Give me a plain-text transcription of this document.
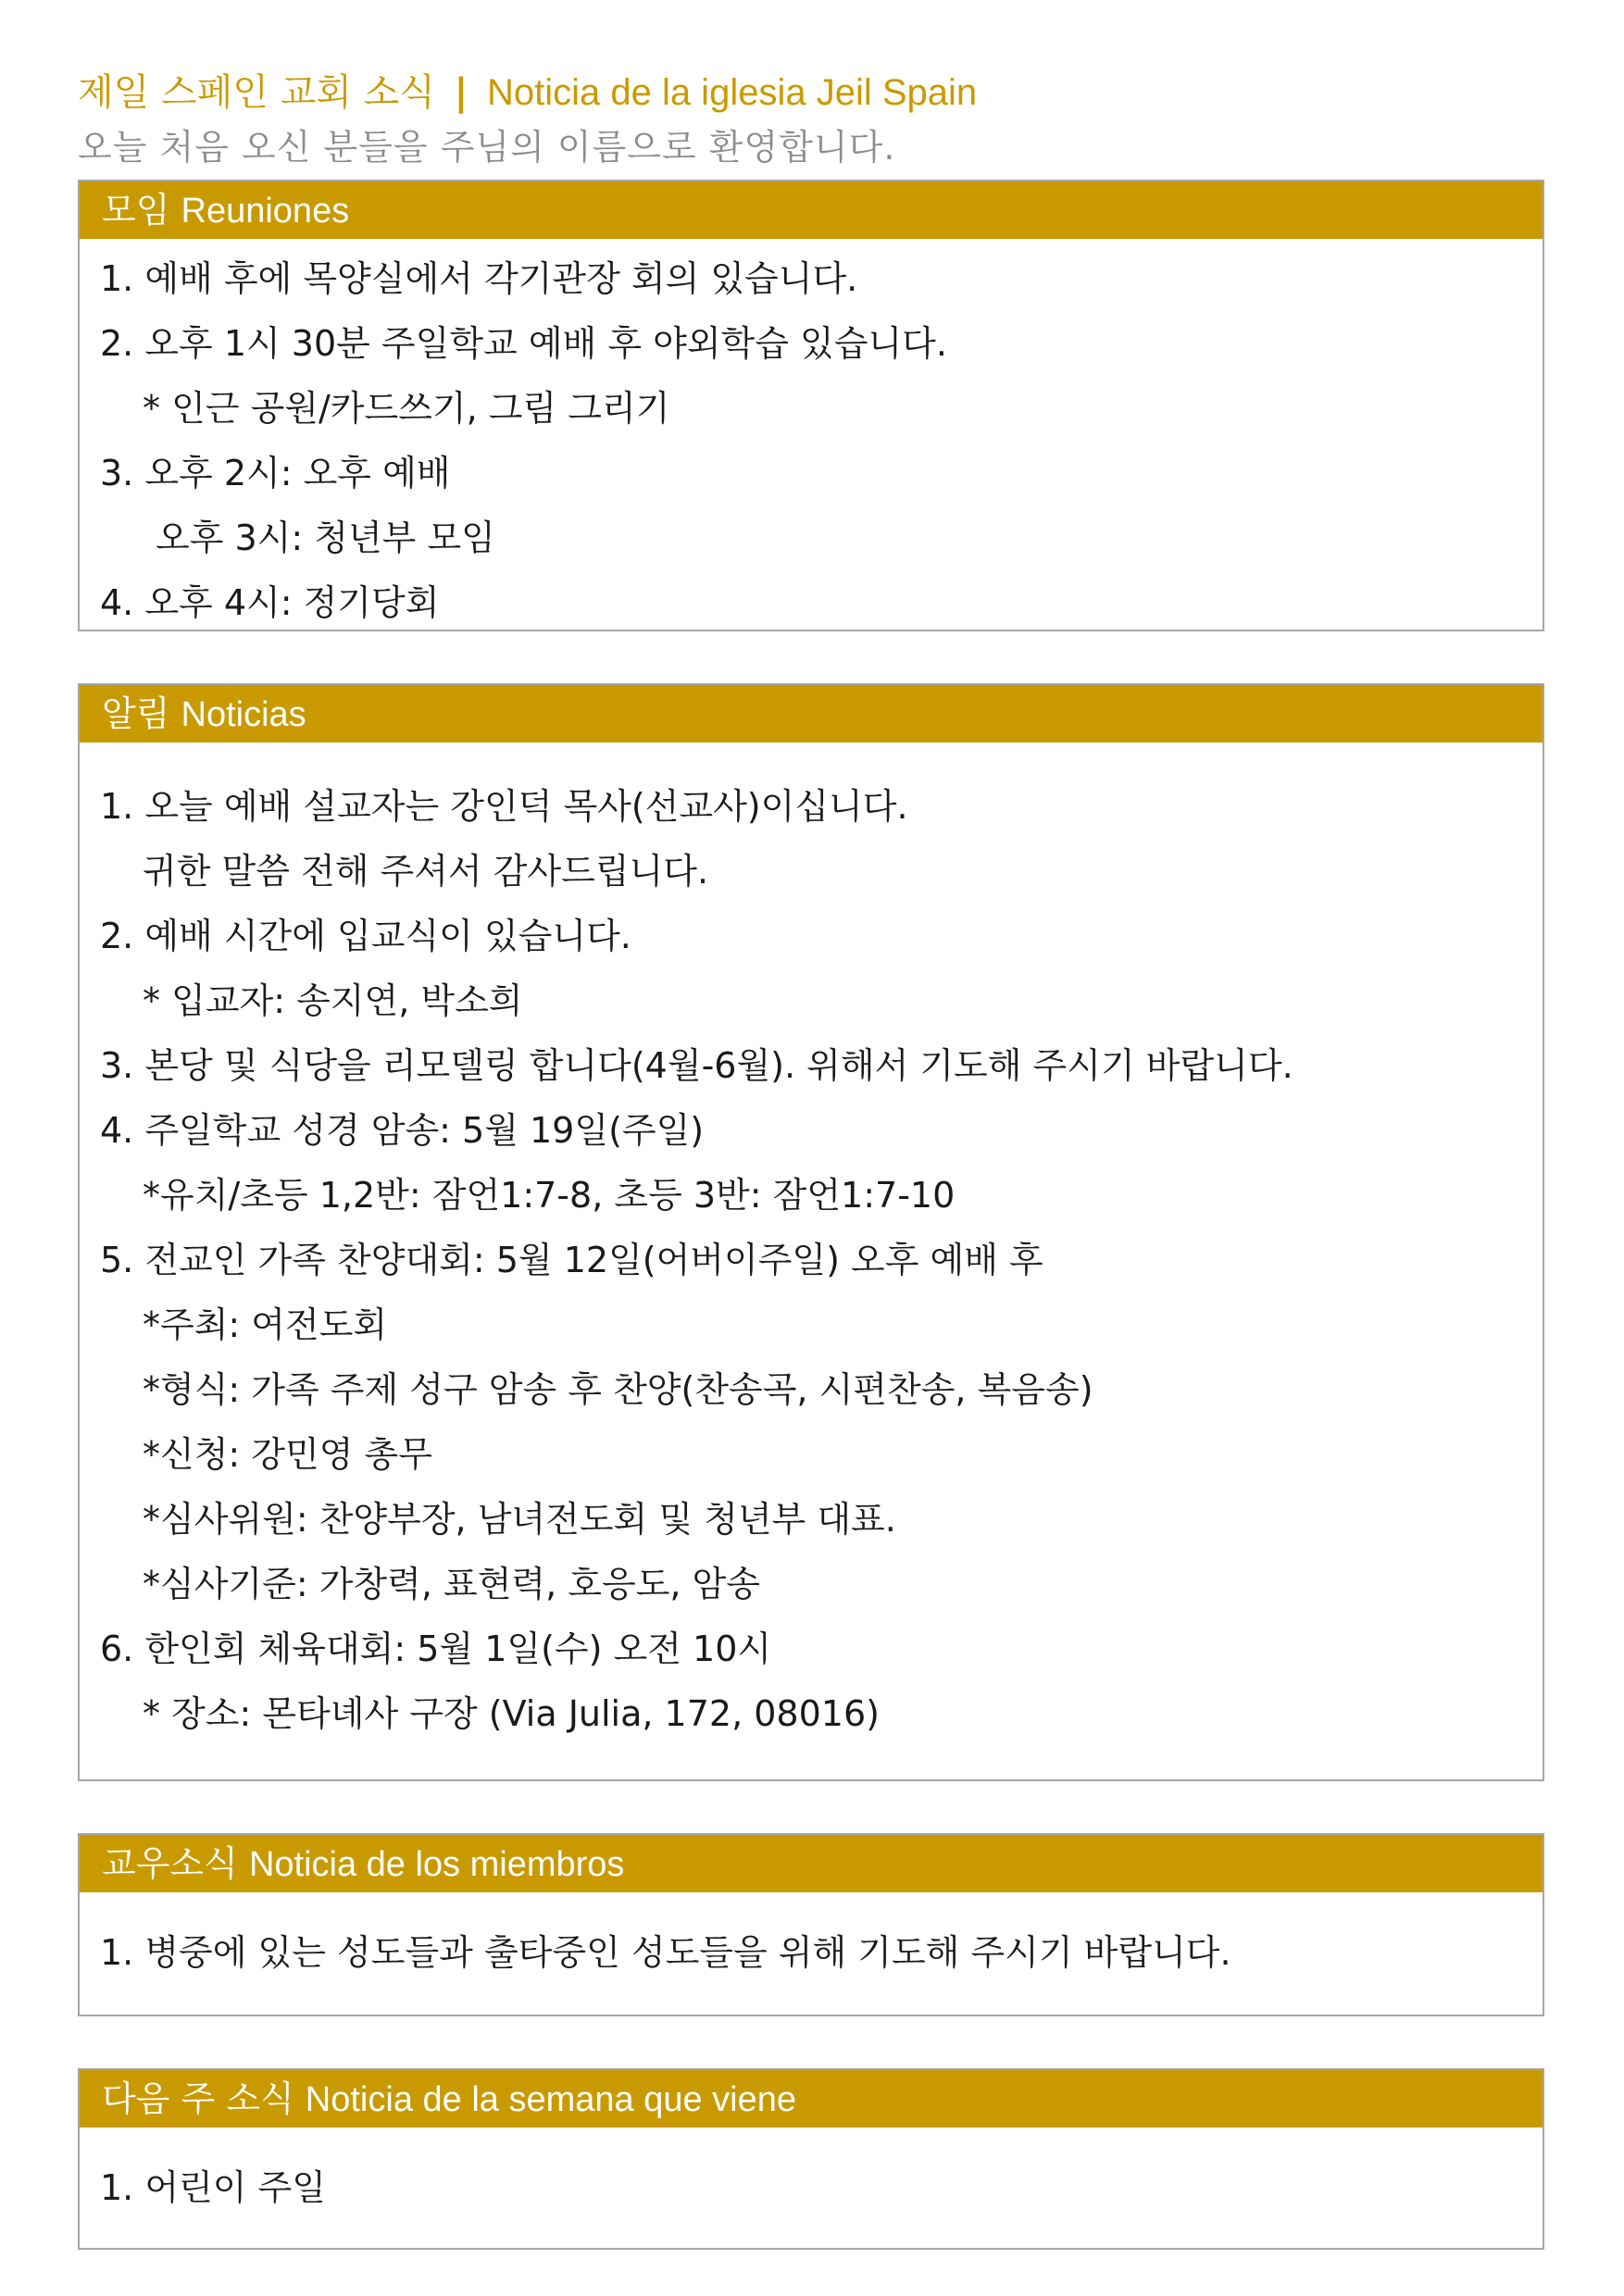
제일 스페인 교회 소식 | Noticia de la iglesia Jeil Spain
오늘 처음 오신 분들을 주님의 이름으로 환영합니다.
모임 Reuniones
1. 예배 후에 목양실에서 각기관장 회의 있습니다.
2. 오후 1시 30분 주일학교 예배 후 야외학습 있습니다.
* 인근 공원/카드쓰기, 그림 그리기
3. 오후 2시: 오후 예배
오후 3시: 청년부 모임
4. 오후 4시: 정기당회
알림 Noticias
1. 오늘 예배 설교자는 강인덕 목사(선교사)이십니다.
귀한 말씀 전해 주셔서 감사드립니다.
2. 예배 시간에 입교식이 있습니다.
* 입교자: 송지연, 박소희
3. 본당 및 식당을 리모델링 합니다(4월-6월). 위해서 기도해 주시기 바랍니다.
4. 주일학교 성경 암송: 5월 19일(주일)
*유치/초등 1,2반: 잠언1:7-8, 초등 3반: 잠언1:7-10
5. 전교인 가족 찬양대회: 5월 12일(어버이주일) 오후 예배 후
*주최: 여전도회
*형식: 가족 주제 성구 암송 후 찬양(찬송곡, 시편찬송, 복음송)
*신청: 강민영 총무
*심사위원: 찬양부장, 남녀전도회 및 청년부 대표.
*심사기준: 가창력, 표현력, 호응도, 암송
6. 한인회 체육대회: 5월 1일(수) 오전 10시
* 장소: 몬타녜사 구장 (Via Julia, 172, 08016)
교우소식 Noticia de los miembros
1. 병중에 있는 성도들과 출타중인 성도들을 위해 기도해 주시기 바랍니다.
다음 주 소식 Noticia de la semana que viene
1. 어린이 주일
